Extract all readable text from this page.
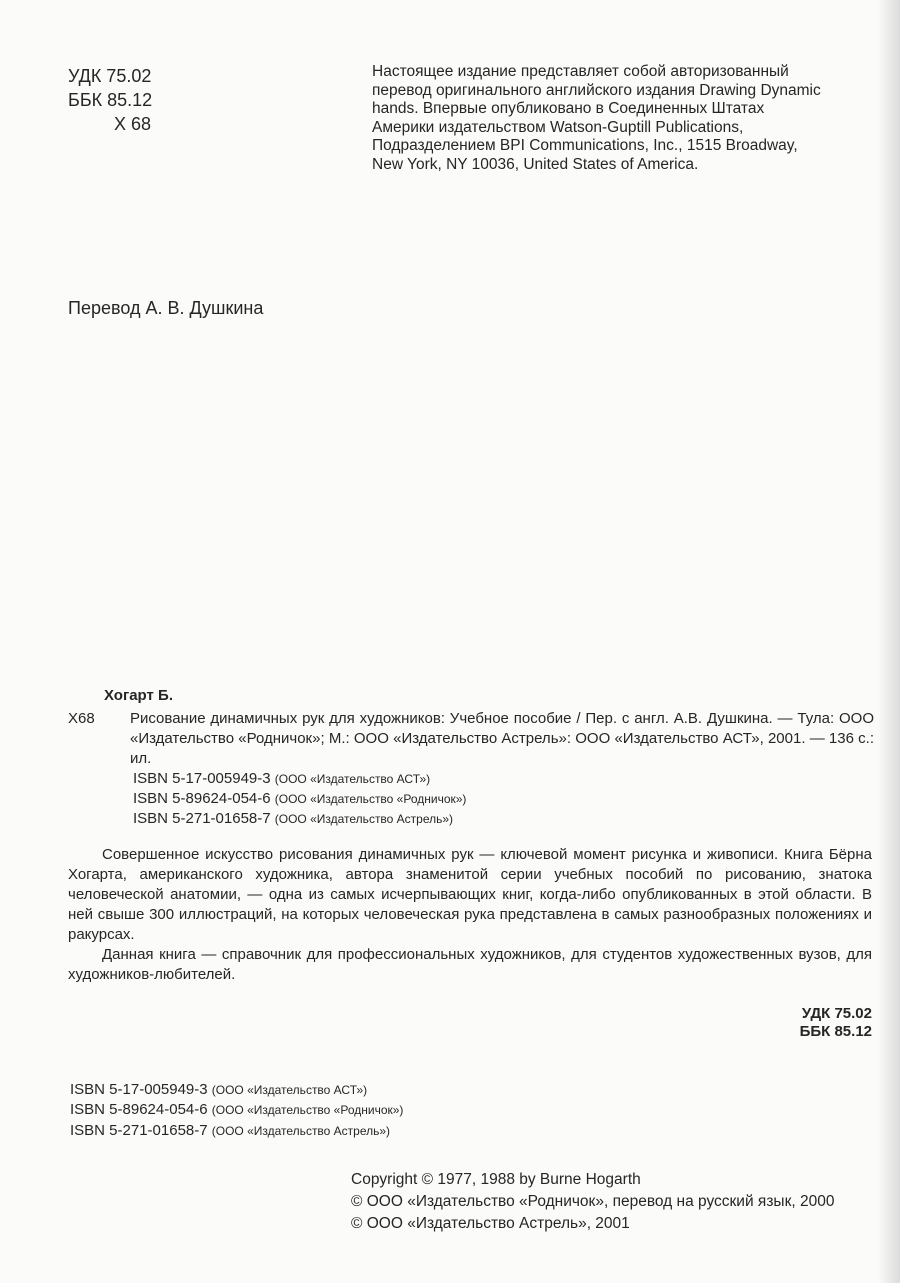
УДК 75.02
ББК 85.12
Х 68
Настоящее издание представляет собой авторизованный
перевод оригинального английского издания Drawing Dynamic
hands. Впервые опубликовано в Соединенных Штатах
Америки издательством Watson-Guptill Publications,
Подразделением BPI Communications, Inc., 1515 Broadway,
New York, NY 10036, United States of America.
Перевод А. В. Душкина
Хогарт Б.
Х68	Рисование динамичных рук для художников: Учебное пособие / Пер. с англ. А.В. Душкина. — Тула: ООО «Издательство «Родничок»; М.: ООО «Издательство Астрель»: ООО «Издательство АСТ», 2001. — 136 с.: ил.
ISBN 5-17-005949-3 (ООО «Издательство АСТ»)
ISBN 5-89624-054-6 (ООО «Издательство «Родничок»)
ISBN 5-271-01658-7 (ООО «Издательство Астрель»)

Совершенное искусство рисования динамичных рук — ключевой момент рисунка и живописи. Книга Бёрна Хогарта, американского художника, автора знаменитой серии учебных пособий по рисованию, знатока человеческой анатомии, — одна из самых исчерпывающих книг, когда-либо опубликованных в этой области. В ней свыше 300 иллюстраций, на которых человеческая рука представлена в самых разнообразных положениях и ракурсах.

Данная книга — справочник для профессиональных художников, для студентов художественных вузов, для художников-любителей.

УДК 75.02
ББК 85.12
ISBN 5-17-005949-3 (ООО «Издательство АСТ»)
ISBN 5-89624-054-6 (ООО «Издательство «Родничок»)
ISBN 5-271-01658-7 (ООО «Издательство Астрель»)
Copyright © 1977, 1988 by Burne Hogarth
© ООО «Издательство «Родничок», перевод на русский язык, 2000
© ООО «Издательство Астрель», 2001
